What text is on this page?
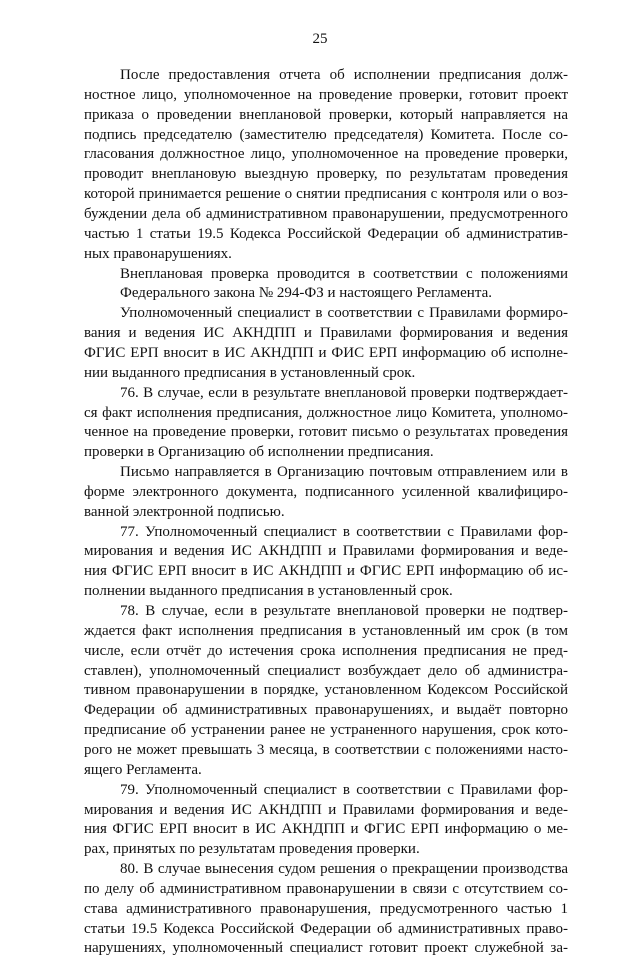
25
После предоставления отчета об исполнении предписания долж-
ностное лицо, уполномоченное на проведение проверки, готовит проект
приказа о проведении внеплановой проверки, который направляется на
подпись председателю (заместителю председателя) Комитета. После со-
гласования должностное лицо, уполномоченное на проведение проверки,
проводит внеплановую выездную проверку, по результатам проведения
которой принимается решение о снятии предписания с контроля или о воз-
буждении дела об административном правонарушении, предусмотренного
частью 1 статьи 19.5 Кодекса Российской Федерации об административ-
ных правонарушениях.
Внеплановая проверка проводится в соответствии с положениями
Федерального закона № 294-ФЗ и настоящего Регламента.
Уполномоченный специалист в соответствии с Правилами формиро-
вания и ведения ИС АКНДПП и Правилами формирования и ведения
ФГИС ЕРП вносит в ИС АКНДПП и ФИС ЕРП информацию об исполне-
нии выданного предписания в установленный срок.
76. В случае, если в результате внеплановой проверки подтверждает-
ся факт исполнения предписания, должностное лицо Комитета, уполномо-
ченное на проведение проверки, готовит письмо о результатах проведения
проверки в Организацию об исполнении предписания.
Письмо направляется в Организацию почтовым отправлением или в
форме электронного документа, подписанного усиленной квалифициро-
ванной электронной подписью.
77. Уполномоченный специалист в соответствии с Правилами фор-
мирования и ведения ИС АКНДПП и Правилами формирования и веде-
ния ФГИС ЕРП вносит в ИС АКНДПП и ФГИС ЕРП информацию об ис-
полнении выданного предписания в установленный срок.
78. В случае, если в результате внеплановой проверки не подтвер-
ждается факт исполнения предписания в установленный им срок (в том
числе, если отчёт до истечения срока исполнения предписания не пред-
ставлен), уполномоченный специалист возбуждает дело об администра-
тивном правонарушении в порядке, установленном Кодексом Российской
Федерации об административных правонарушениях, и выдаёт повторно
предписание об устранении ранее не устраненного нарушения, срок кото-
рого не может превышать 3 месяца, в соответствии с положениями насто-
ящего Регламента.
79. Уполномоченный специалист в соответствии с Правилами фор-
мирования и ведения ИС АКНДПП и Правилами формирования и веде-
ния ФГИС ЕРП вносит в ИС АКНДПП и ФГИС ЕРП информацию о ме-
рах, принятых по результатам проведения проверки.
80. В случае вынесения судом решения о прекращении производства
по делу об административном правонарушении в связи с отсутствием со-
става административного правонарушения, предусмотренного частью 1
статьи 19.5 Кодекса Российской Федерации об административных право-
нарушениях, уполномоченный специалист готовит проект служебной за-
